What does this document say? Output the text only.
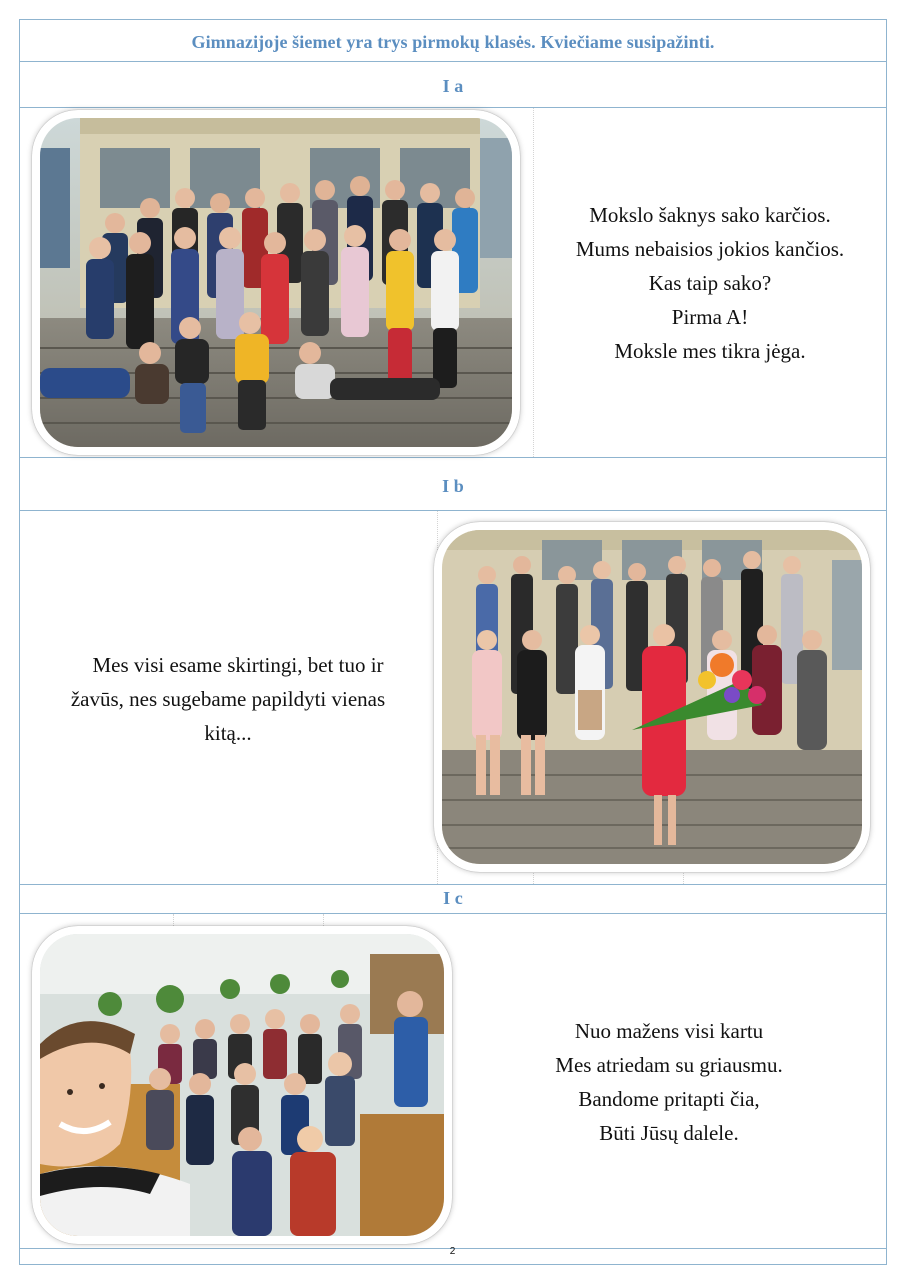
Gimnazijoje šiemet yra trys pirmokų klasės. Kviečiame susipažinti.
I a
Mokslo šaknys sako karčios.
Mums nebaisios jokios kančios.
Kas taip sako?
Pirma A!
Moksle mes tikra jėga.
I b
Mes visi esame skirtingi, bet tuo ir
žavūs, nes sugebame papildyti vienas
kitą...
I c
Nuo mažens visi kartu
Mes atriedam su griausmu.
Bandome pritapti čia,
Būti Jūsų dalele.
2
